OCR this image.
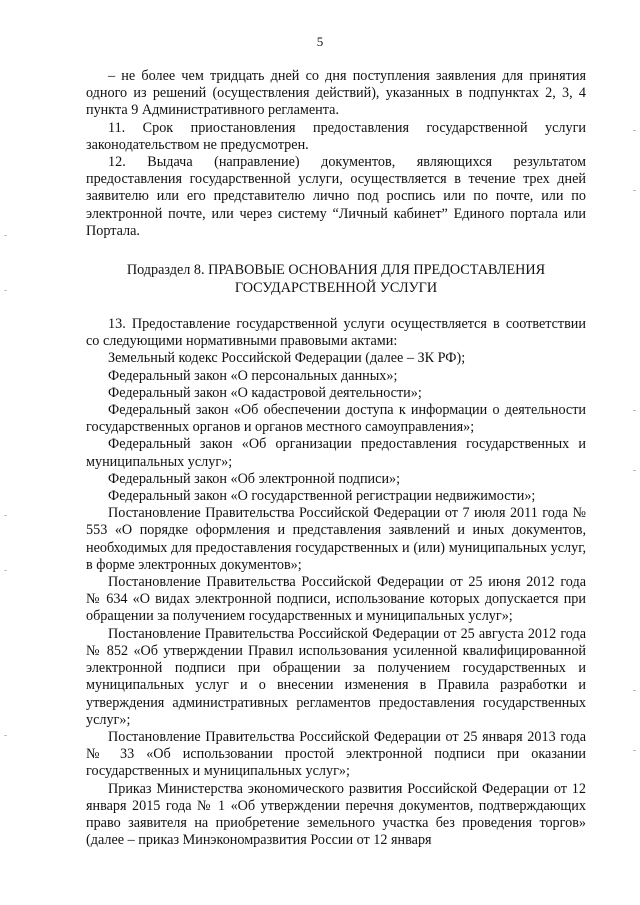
5

– не более чем тридцать дней со дня поступления заявления для принятия одного из решений (осуществления действий), указанных в подпунктах 2, 3, 4 пункта 9 Административного регламента.

11. Срок приостановления предоставления государственной услуги законодательством не предусмотрен.

12. Выдача (направление) документов, являющихся результатом предоставления государственной услуги, осуществляется в течение трех дней заявителю или его представителю лично под роспись или по почте, или по электронной почте, или через систему “Личный кабинет” Единого портала или Портала.

Подраздел 8. ПРАВОВЫЕ ОСНОВАНИЯ ДЛЯ ПРЕДОСТАВЛЕНИЯ
ГОСУДАРСТВЕННОЙ УСЛУГИ

13. Предоставление государственной услуги осуществляется в соответствии со следующими нормативными правовыми актами:

Земельный кодекс Российской Федерации (далее – ЗК РФ);

Федеральный закон «О персональных данных»;

Федеральный закон «О кадастровой деятельности»;

Федеральный закон «Об обеспечении доступа к информации о деятельности государственных органов и органов местного самоуправления»;

Федеральный закон «Об организации предоставления государственных и муниципальных услуг»;

Федеральный закон «Об электронной подписи»;

Федеральный закон «О государственной регистрации недвижимости»;

Постановление Правительства Российской Федерации от 7 июля 2011 года № 553 «О порядке оформления и представления заявлений и иных документов, необходимых для предоставления государственных и (или) муниципальных услуг, в форме электронных документов»;

Постановление Правительства Российской Федерации от 25 июня 2012 года № 634 «О видах электронной подписи, использование которых допускается при обращении за получением государственных и муниципальных услуг»;

Постановление Правительства Российской Федерации от 25 августа 2012 года № 852 «Об утверждении Правил использования усиленной квалифицированной электронной подписи при обращении за получением государственных и муниципальных услуг и о внесении изменения в Правила разработки и утверждения административных регламентов предоставления государственных услуг»;

Постановление Правительства Российской Федерации от 25 января 2013 года № 33 «Об использовании простой электронной подписи при оказании государственных и муниципальных услуг»;

Приказ Министерства экономического развития Российской Федерации от 12 января 2015 года № 1 «Об утверждении перечня документов, подтверждающих право заявителя на приобретение земельного участка без проведения торгов» (далее – приказ Минэкономразвития России от 12 января
